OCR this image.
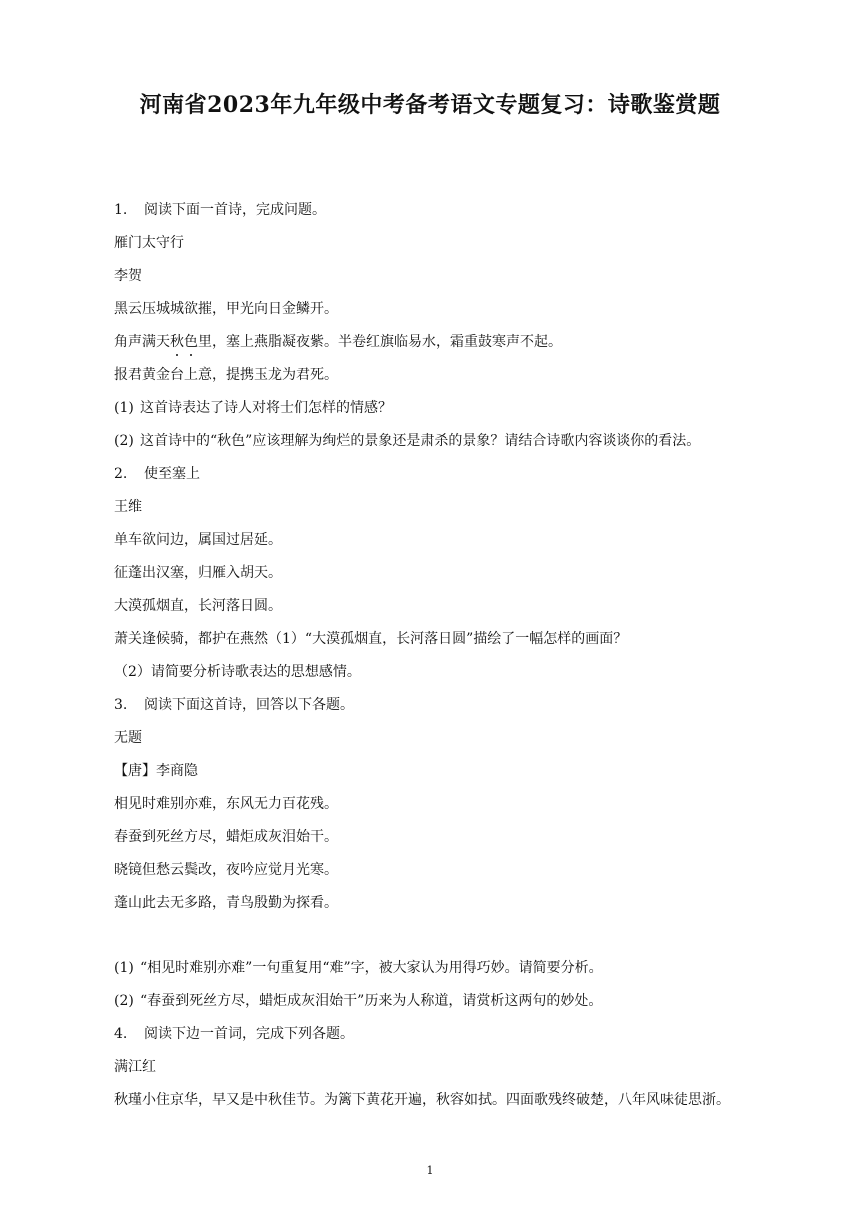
河南省2023年九年级中考备考语文专题复习：诗歌鉴赏题
1. 阅读下面一首诗，完成问题。
雁门太守行
李贺
黑云压城城欲摧，甲光向日金鳞开。
角声满天秋色里，塞上燕脂凝夜紫。半卷红旗临易水，霜重鼓寒声不起。
报君黄金台上意，提携玉龙为君死。
(1) 这首诗表达了诗人对将士们怎样的情感？
(2) 这首诗中的“秋色”应该理解为绚烂的景象还是肃杀的景象？请结合诗歌内容谈谈你的看法。
2. 使至塞上
王维
单车欲问边，属国过居延。
征蓬出汉塞，归雁入胡天。
大漠孤烟直，长河落日圆。
萧关逢候骑，都护在燕然（1）“大漠孤烟直，长河落日圆”描绘了一幅怎样的画面？
（2）请简要分析诗歌表达的思想感情。
3. 阅读下面这首诗，回答以下各题。
无题
【唐】李商隐
相见时难别亦难，东风无力百花残。
春蚕到死丝方尽，蜡炬成灰泪始干。
晓镜但愁云鬓改，夜吟应觉月光寒。
蓬山此去无多路，青鸟殷勤为探看。
(1) “相见时难别亦难”一句重复用“难”字，被大家认为用得巧妙。请简要分析。
(2) “春蚕到死丝方尽，蜡炬成灰泪始干”历来为人称道，请赏析这两句的妙处。
4. 阅读下边一首词，完成下列各题。
满江红
秋瑾小住京华，早又是中秋佳节。为篱下黄花开遍，秋容如拭。四面歌残终破楚，八年风味徒思浙。
1
